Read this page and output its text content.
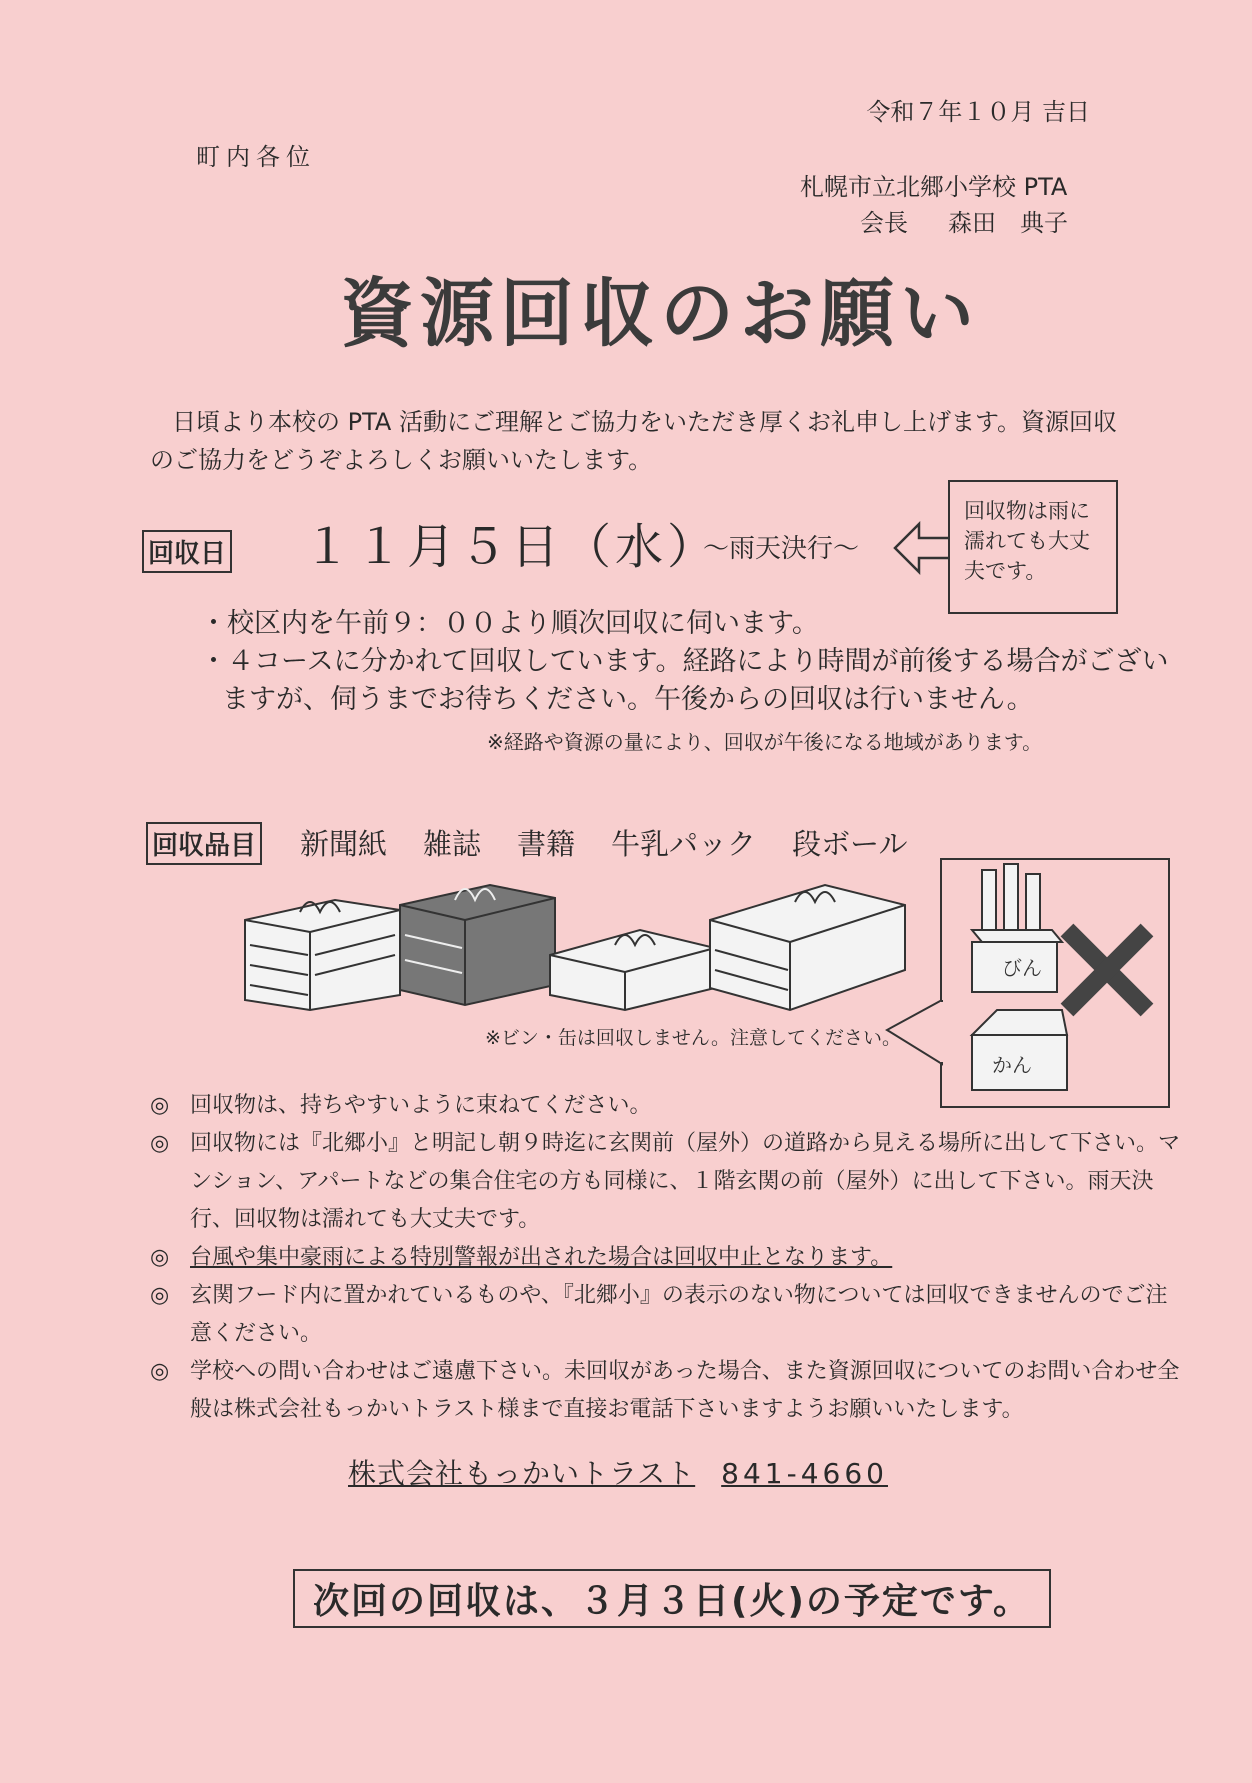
令和７年１０月 吉日
町内各位
札幌市立北郷小学校 PTA
会長 森田　典子
資源回収のお願い

日頃より本校の PTA 活動にご理解とご協力をいただき厚くお礼申し上げます。資源回収のご協力をどうぞよろしくお願いいたします。

回収日 １１月５日（水）
～雨天決行～
回収物は雨に濡れても大丈夫です。
・校区内を午前９：００より順次回収に伺います。
・４コースに分かれて回収しています。経路により時間が前後する場合がございますが、伺うまでお待ちください。午後からの回収は行いません。
※経路や資源の量により、回収が午後になる地域があります。
回収品目 新聞紙 雑誌 書籍 牛乳パック 段ボール
びん
かん
※ビン・缶は回収しません。注意してください。
◎ 回収物は、持ちやすいように束ねてください。
◎ 回収物には『北郷小』と明記し朝９時迄に玄関前（屋外）の道路から見える場所に出して下さい。マンション、アパートなどの集合住宅の方も同様に、１階玄関の前（屋外）に出して下さい。雨天決行、回収物は濡れても大丈夫です。
◎ 台風や集中豪雨による特別警報が出された場合は回収中止となります。
◎ 玄関フード内に置かれているものや、『北郷小』の表示のない物については回収できませんのでご注意ください。
◎ 学校への問い合わせはご遠慮下さい。未回収があった場合、また資源回収についてのお問い合わせ全般は株式会社もっかいトラスト様まで直接お電話下さいますようお願いいたします。
株式会社もっかいトラスト 841-4660
次回の回収は、３月３日(火)の予定です。
